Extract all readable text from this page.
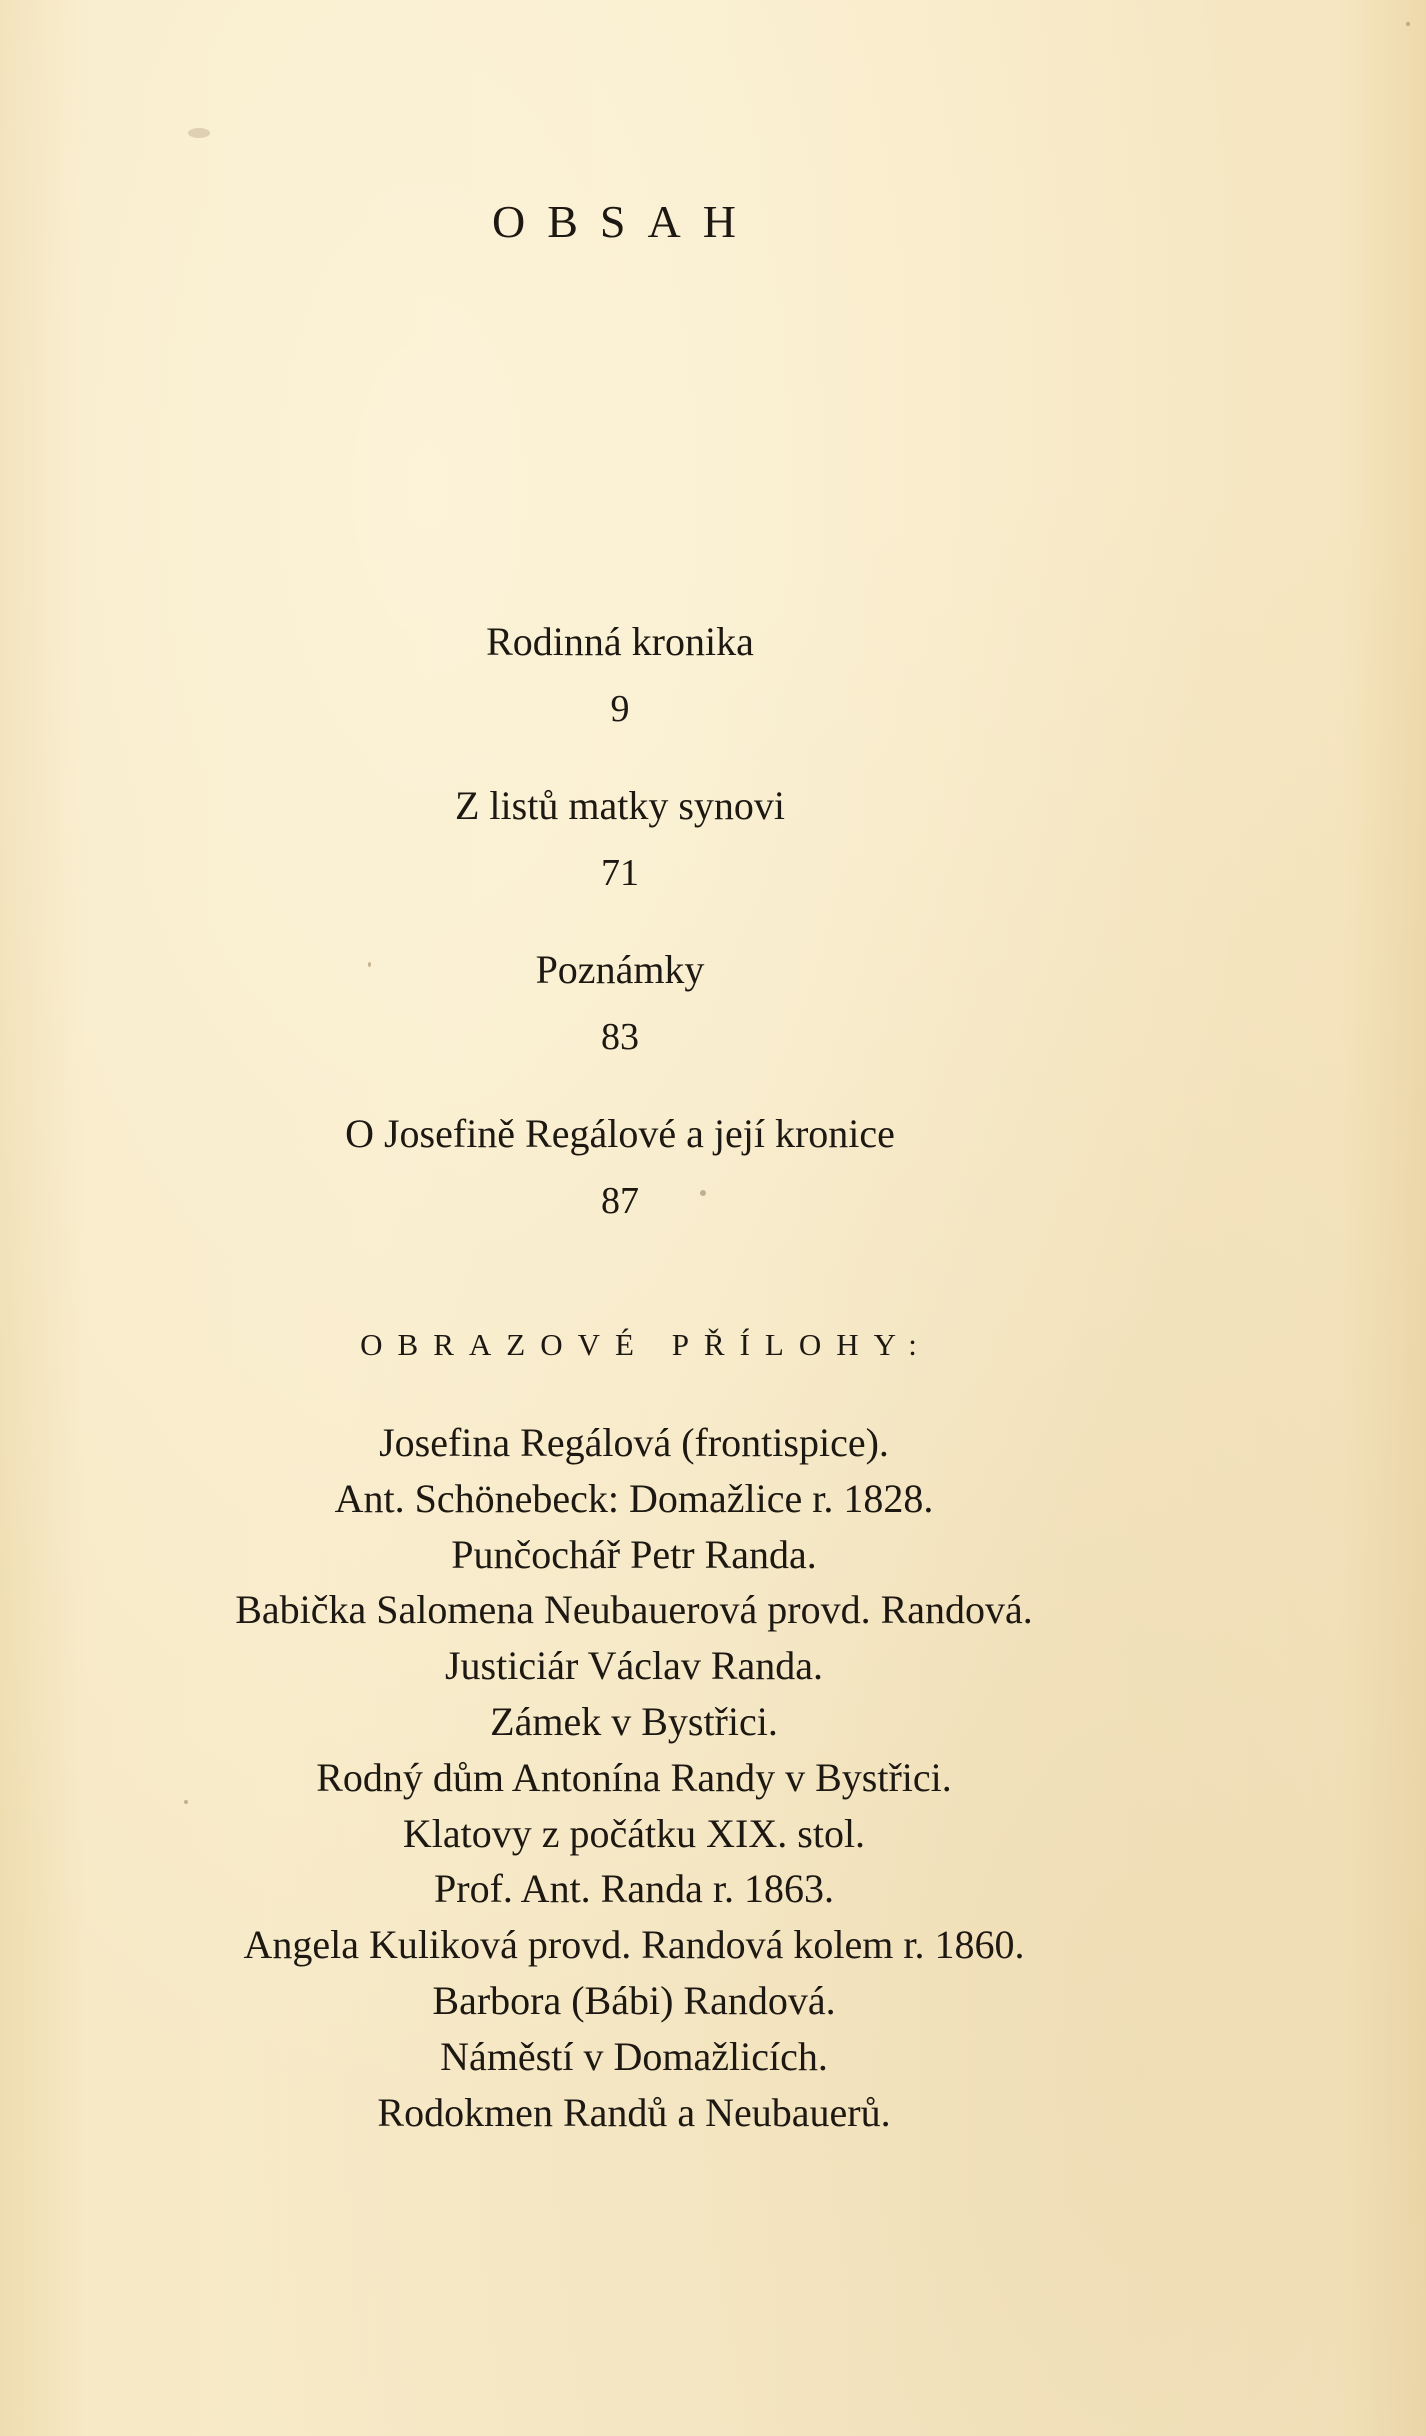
OBSAH
Rodinná kronika
9
Z listů matky synovi
71
Poznámky
83
O Josefině Regálové a její kronice
87
OBRAZOVÉ PŘÍLOHY:
Josefina Regálová (frontispice).
Ant. Schönebeck: Domažlice r. 1828.
Punčochář Petr Randa.
Babička Salomena Neubauerová provd. Randová.
Justiciár Václav Randa.
Zámek v Bystřici.
Rodný dům Antonína Randy v Bystřici.
Klatovy z počátku XIX. stol.
Prof. Ant. Randa r. 1863.
Angela Kuliková provd. Randová kolem r. 1860.
Barbora (Bábi) Randová.
Náměstí v Domažlicích.
Rodokmen Randů a Neubauerů.
